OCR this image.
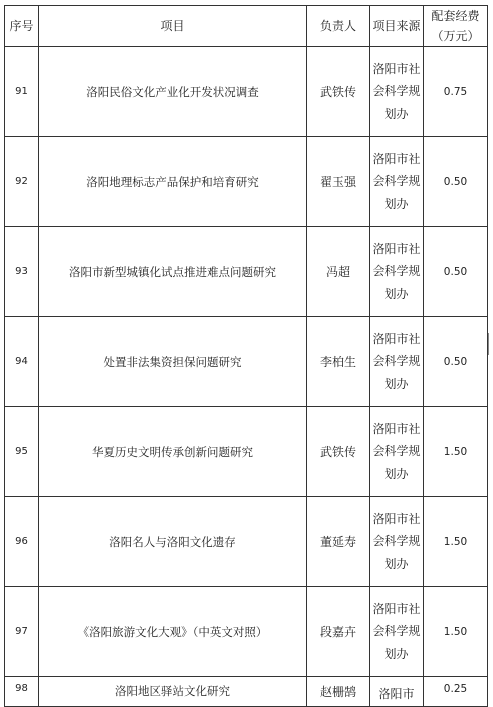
序号	项目	负责人	项目来源	配套经费（万元）
91	洛阳民俗文化产业化开发状况调查	武铁传	洛阳市社会科学规划办	0.75
92	洛阳地理标志产品保护和培育研究	翟玉强	洛阳市社会科学规划办	0.50
93	洛阳市新型城镇化试点推进难点问题研究	冯超	洛阳市社会科学规划办	0.50
94	处置非法集资担保问题研究	李柏生	洛阳市社会科学规划办	0.50
95	华夏历史文明传承创新问题研究	武铁传	洛阳市社会科学规划办	1.50
96	洛阳名人与洛阳文化遗存	董延寿	洛阳市社会科学规划办	1.50
97	《洛阳旅游文化大观》（中英文对照）	段嘉卉	洛阳市社会科学规划办	1.50
98	洛阳地区驿站文化研究	赵栅鹄	洛阳市	0.25
